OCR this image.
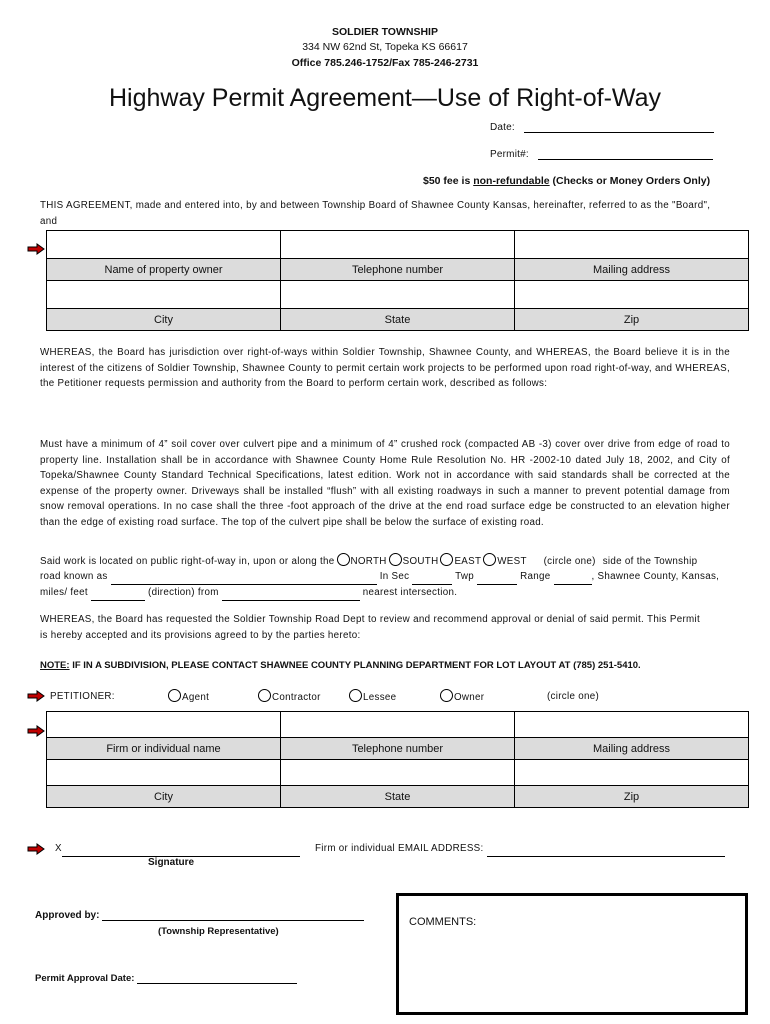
SOLDIER TOWNSHIP
334 NW 62nd St, Topeka KS 66617
Office 785.246-1752/Fax 785-246-2731
Highway Permit Agreement—Use of Right-of-Way
Date:
Permit#:
$50 fee is non-refundable (Checks or Money Orders Only)
THIS AGREEMENT, made and entered into, by and between Township Board of Shawnee County Kansas, hereinafter, referred to as the "Board", and

Name of property owner	Telephone number	Mailing address

City	State	Zip
WHEREAS, the Board has jurisdiction over right-of-ways within Soldier Township, Shawnee County, and WHEREAS, the Board believe it is in the interest of the citizens of Soldier Township, Shawnee County to permit certain work projects to be performed upon road right-of-way, and WHEREAS, the Petitioner requests permission and authority from the Board to perform certain work, described as follows:
Must have a minimum of 4” soil cover over culvert pipe and a minimum of 4” crushed rock (compacted AB -3) cover over drive from edge of road to property line. Installation shall be in accordance with Shawnee County Home Rule Resolution No. HR -2002-10 dated July 18, 2002, and City of Topeka/Shawnee County Standard Technical Specifications, latest edition. Work not in accordance with said standards shall be corrected at the expense of the property owner. Driveways shall be installed “flush” with all existing roadways in such a manner to prevent potential damage from snow removal operations. In no case shall the three -foot approach of the drive at the end road surface edge be constructed to an elevation higher than the edge of existing road surface. The top of the culvert pipe shall be below the surface of existing road.
Said work is located on public right-of-way in, upon or along the NORTH SOUTH EAST WEST (circle one) side of the Township
road known as	In Sec	Twp	Range	, Shawnee County, Kansas,
miles/ feet	(direction) from	nearest intersection.
WHEREAS, the Board has requested the Soldier Township Road Dept to review and recommend approval or denial of said permit. This Permit is hereby accepted and its provisions agreed to by the parties hereto:
NOTE: IF IN A SUBDIVISION, PLEASE CONTACT SHAWNEE COUNTY PLANNING DEPARTMENT FOR LOT LAYOUT AT (785) 251-5410.
PETITIONER:	Agent	Contractor	Lessee	Owner	(circle one)

Firm or individual name	Telephone number	Mailing address

City	State	Zip
X
Signature
Firm or individual EMAIL ADDRESS:
Approved by:
(Township Representative)
Permit Approval Date:
COMMENTS:
